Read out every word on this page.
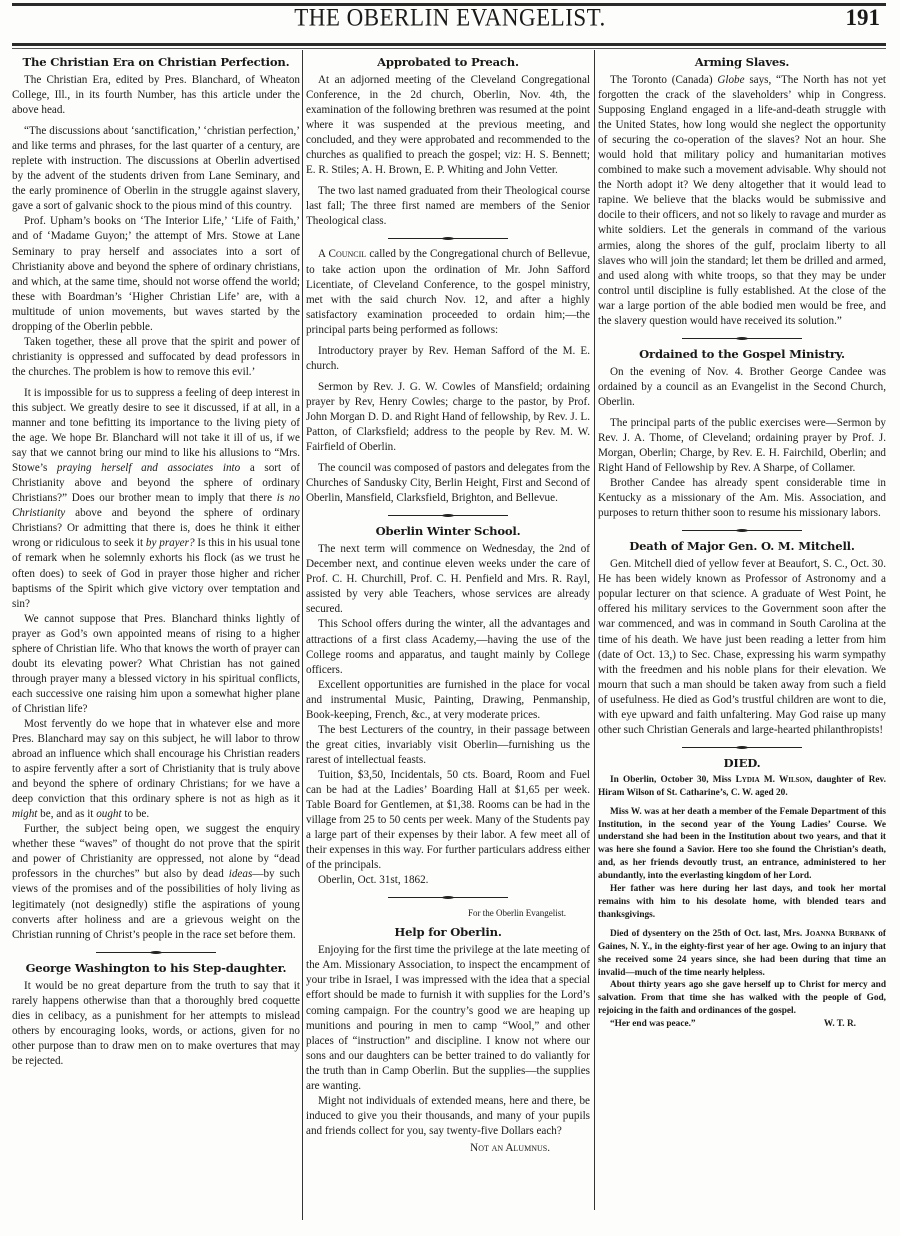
THE OBERLIN EVANGELIST.	191
The Christian Era on Christian Perfection.

The Christian Era, edited by Pres. Blanchard, of Wheaton College, Ill., in its fourth Number, has this article under the above head.

“The discussions about ‘sanctification,’ ‘christian perfection,’ and like terms and phrases, for the last quarter of a century, are replete with instruction. The discussions at Oberlin advertised by the advent of the students driven from Lane Seminary, and the early prominence of Oberlin in the struggle against slavery, gave a sort of galvanic shock to the pious mind of this country.

Prof. Upham’s books on ‘The Interior Life,’ ‘Life of Faith,’ and of ‘Madame Guyon;’ the attempt of Mrs. Stowe at Lane Seminary to pray herself and associates into a sort of Christianity above and beyond the sphere of ordinary christians, and which, at the same time, should not worse offend the world; these with Boardman’s ‘Higher Christian Life’ are, with a multitude of union movements, but waves started by the dropping of the Oberlin pebble.

Taken together, these all prove that the spirit and power of christianity is oppressed and suffocated by dead professors in the churches. The problem is how to remove this evil.’

It is impossible for us to suppress a feeling of deep interest in this subject. We greatly desire to see it discussed, if at all, in a manner and tone befitting its importance to the living piety of the age. We hope Br. Blanchard will not take it ill of us, if we say that we cannot bring our mind to like his allusions to “Mrs. Stowe’s praying herself and associates into a sort of Christianity above and beyond the sphere of ordinary Christians?” Does our brother mean to imply that there is no Christianity above and beyond the sphere of ordinary Christians? Or admitting that there is, does he think it either wrong or ridiculous to seek it by prayer? Is this in his usual tone of remark when he solemnly exhorts his flock (as we trust he often does) to seek of God in prayer those higher and richer baptisms of the Spirit which give victory over temptation and sin?

We cannot suppose that Pres. Blanchard thinks lightly of prayer as God’s own appointed means of rising to a higher sphere of Christian life. Who that knows the worth of prayer can doubt its elevating power? What Christian has not gained through prayer many a blessed victory in his spiritual conflicts, each successive one raising him upon a somewhat higher plane of Christian life?

Most fervently do we hope that in whatever else and more Pres. Blanchard may say on this subject, he will labor to throw abroad an influence which shall encourage his Christian readers to aspire fervently after a sort of Christianity that is truly above and beyond the sphere of ordinary Christians; for we have a deep conviction that this ordinary sphere is not as high as it might be, and as it ought to be.

Further, the subject being open, we suggest the enquiry whether these “waves” of thought do not prove that the spirit and power of Christianity are oppressed, not alone by “dead professors in the churches” but also by dead ideas—by such views of the promises and of the possibilities of holy living as legitimately (not designedly) stifle the aspirations of young converts after holiness and are a grievous weight on the Christian running of Christ’s people in the race set before them.

George Washington to his Step-daughter.

It would be no great departure from the truth to say that it rarely happens otherwise than that a thoroughly bred coquette dies in celibacy, as a punishment for her attempts to mislead others by encouraging looks, words, or actions, given for no other purpose than to draw men on to make overtures that may be rejected.

Approbated to Preach.

At an adjorned meeting of the Cleveland Congregational Conference, in the 2d church, Oberlin, Nov. 4th, the examination of the following brethren was resumed at the point where it was suspended at the previous meeting, and concluded, and they were approbated and recommended to the churches as qualified to preach the gospel; viz: H. S. Bennett; E. R. Stiles; A. H. Brown, E. P. Whiting and John Vetter.

The two last named graduated from their Theological course last fall; The three first named are members of the Senior Theological class.

A Council called by the Congregational church of Bellevue, to take action upon the ordination of Mr. John Safford Licentiate, of Cleveland Conference, to the gospel ministry, met with the said church Nov. 12, and after a highly satisfactory examination proceeded to ordain him;—the principal parts being performed as follows:

Introductory prayer by Rev. Heman Safford of the M. E. church.

Sermon by Rev. J. G. W. Cowles of Mansfield; ordaining prayer by Rev, Henry Cowles; charge to the pastor, by Prof. John Morgan D. D. and Right Hand of fellowship, by Rev. J. L. Patton, of Clarksfield; address to the people by Rev. M. W. Fairfield of Oberlin.

The council was composed of pastors and delegates from the Churches of Sandusky City, Berlin Height, First and Second of Oberlin, Mansfield, Clarksfield, Brighton, and Bellevue.

Oberlin Winter School.

The next term will commence on Wednesday, the 2nd of December next, and continue eleven weeks under the care of Prof. C. H. Churchill, Prof. C. H. Penfield and Mrs. R. Rayl, assisted by very able Teachers, whose services are already secured.

This School offers during the winter, all the advantages and attractions of a first class Academy,—having the use of the College rooms and apparatus, and taught mainly by College officers.

Excellent opportunities are furnished in the place for vocal and instrumental Music, Painting, Drawing, Penmanship, Book-keeping, French, &c., at very moderate prices.

The best Lecturers of the country, in their passage between the great cities, invariably visit Oberlin—furnishing us the rarest of intellectual feasts.

Tuition, $3,50, Incidentals, 50 cts. Board, Room and Fuel can be had at the Ladies’ Boarding Hall at $1,65 per week. Table Board for Gentlemen, at $1,38. Rooms can be had in the village from 25 to 50 cents per week. Many of the Students pay a large part of their expenses by their labor. A few meet all of their expenses in this way. For further particulars address either of the principals.

Oberlin, Oct. 31st, 1862.

For the Oberlin Evangelist.
Help for Oberlin.

Enjoying for the first time the privilege at the late meeting of the Am. Missionary Association, to inspect the encampment of your tribe in Israel, I was impressed with the idea that a special effort should be made to furnish it with supplies for the Lord’s coming campaign. For the country’s good we are heaping up munitions and pouring in men to camp “Wool,” and other places of “instruction” and discipline. I know not where our sons and our daughters can be better trained to do valiantly for the truth than in Camp Oberlin. But the supplies—the supplies are wanting.

Might not individuals of extended means, here and there, be induced to give you their thousands, and many of your pupils and friends collect for you, say twenty-five Dollars each?

Not an Alumnus.
Arming Slaves.

The Toronto (Canada) Globe says, “The North has not yet forgotten the crack of the slaveholders’ whip in Congress. Supposing England engaged in a life-and-death struggle with the United States, how long would she neglect the opportunity of securing the co-operation of the slaves? Not an hour. She would hold that military policy and humanitarian motives combined to make such a movement advisable. Why should not the North adopt it? We deny altogether that it would lead to rapine. We believe that the blacks would be submissive and docile to their officers, and not so likely to ravage and murder as white soldiers. Let the generals in command of the various armies, along the shores of the gulf, proclaim liberty to all slaves who will join the standard; let them be drilled and armed, and used along with white troops, so that they may be under control until discipline is fully established. At the close of the war a large portion of the able bodied men would be free, and the slavery question would have received its solution.”

Ordained to the Gospel Ministry.

On the evening of Nov. 4. Brother George Candee was ordained by a council as an Evangelist in the Second Church, Oberlin.

The principal parts of the public exercises were—Sermon by Rev. J. A. Thome, of Cleveland; ordaining prayer by Prof. J. Morgan, Oberlin; Charge, by Rev. E. H. Fairchild, Oberlin; and Right Hand of Fellowship by Rev. A Sharpe, of Collamer.

Brother Candee has already spent considerable time in Kentucky as a missionary of the Am. Mis. Association, and purposes to return thither soon to resume his missionary labors.

Death of Major Gen. O. M. Mitchell.

Gen. Mitchell died of yellow fever at Beaufort, S. C., Oct. 30. He has been widely known as Professor of Astronomy and a popular lecturer on that science. A graduate of West Point, he offered his military services to the Government soon after the war commenced, and was in command in South Carolina at the time of his death. We have just been reading a letter from him (date of Oct. 13,) to Sec. Chase, expressing his warm sympathy with the freedmen and his noble plans for their elevation. We mourn that such a man should be taken away from such a field of usefulness. He died as God’s trustful children are wont to die, with eye upward and faith unfaltering. May God raise up many other such Christian Generals and large-hearted philanthropists!

DIED.

In Oberlin, October 30, Miss Lydia M. Wilson, daughter of Rev. Hiram Wilson of St. Catharine’s, C. W. aged 20.

Miss W. was at her death a member of the Female Department of this Institution, in the second year of the Young Ladies’ Course. We understand she had been in the Institution about two years, and that it was here she found a Savior. Here too she found the Christian’s death, and, as her friends devoutly trust, an entrance, administered to her abundantly, into the everlasting kingdom of her Lord.

Her father was here during her last days, and took her mortal remains with him to his desolate home, with blended tears and thanksgivings.

Died of dysentery on the 25th of Oct. last, Mrs. Joanna Burbank of Gaines, N. Y., in the eighty-first year of her age. Owing to an injury that she received some 24 years since, she had been during that time an invalid—much of the time nearly helpless.

About thirty years ago she gave herself up to Christ for mercy and salvation. From that time she has walked with the people of God, rejoicing in the faith and ordinances of the gospel.

“Her end was peace.”	W. T. R.
